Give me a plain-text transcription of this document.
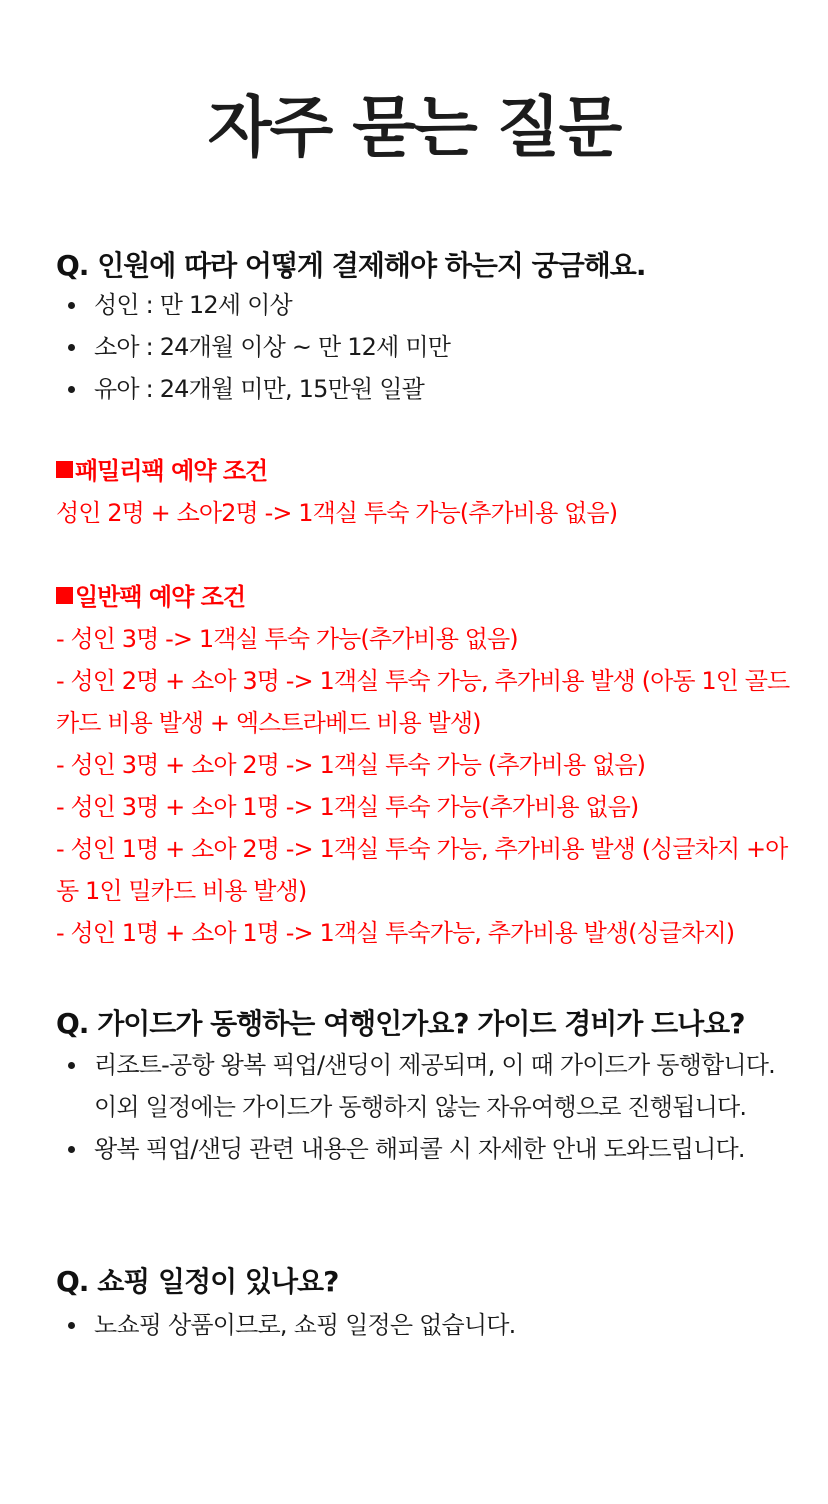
자주 묻는 질문
Q. 인원에 따라 어떻게 결제해야 하는지 궁금해요.
성인 : 만 12세 이상
소아 : 24개월 이상 ~ 만 12세 미만
유아 : 24개월 미만, 15만원 일괄

패밀리팩 예약 조건

성인 2명 + 소아2명 -> 1객실 투숙 가능(추가비용 없음)

일반팩 예약 조건

- 성인 3명 -> 1객실 투숙 가능(추가비용 없음)

- 성인 2명 + 소아 3명 -> 1객실 투숙 가능, 추가비용 발생 (아동 1인 골드카드 비용 발생 + 엑스트라베드 비용 발생)

- 성인 3명 + 소아 2명 -> 1객실 투숙 가능 (추가비용 없음)

- 성인 3명 + 소아 1명 -> 1객실 투숙 가능(추가비용 없음)

- 성인 1명 + 소아 2명 -> 1객실 투숙 가능, 추가비용 발생 (싱글차지 +아동 1인 밀카드 비용 발생)

- 성인 1명 + 소아 1명 -> 1객실 투숙가능, 추가비용 발생(싱글차지)

Q. 가이드가 동행하는 여행인가요? 가이드 경비가 드나요?
리조트-공항 왕복 픽업/샌딩이 제공되며, 이 때 가이드가 동행합니다. 이외 일정에는 가이드가 동행하지 않는 자유여행으로 진행됩니다.
왕복 픽업/샌딩 관련 내용은 해피콜 시 자세한 안내 도와드립니다.
Q. 쇼핑 일정이 있나요?
노쇼핑 상품이므로, 쇼핑 일정은 없습니다.
